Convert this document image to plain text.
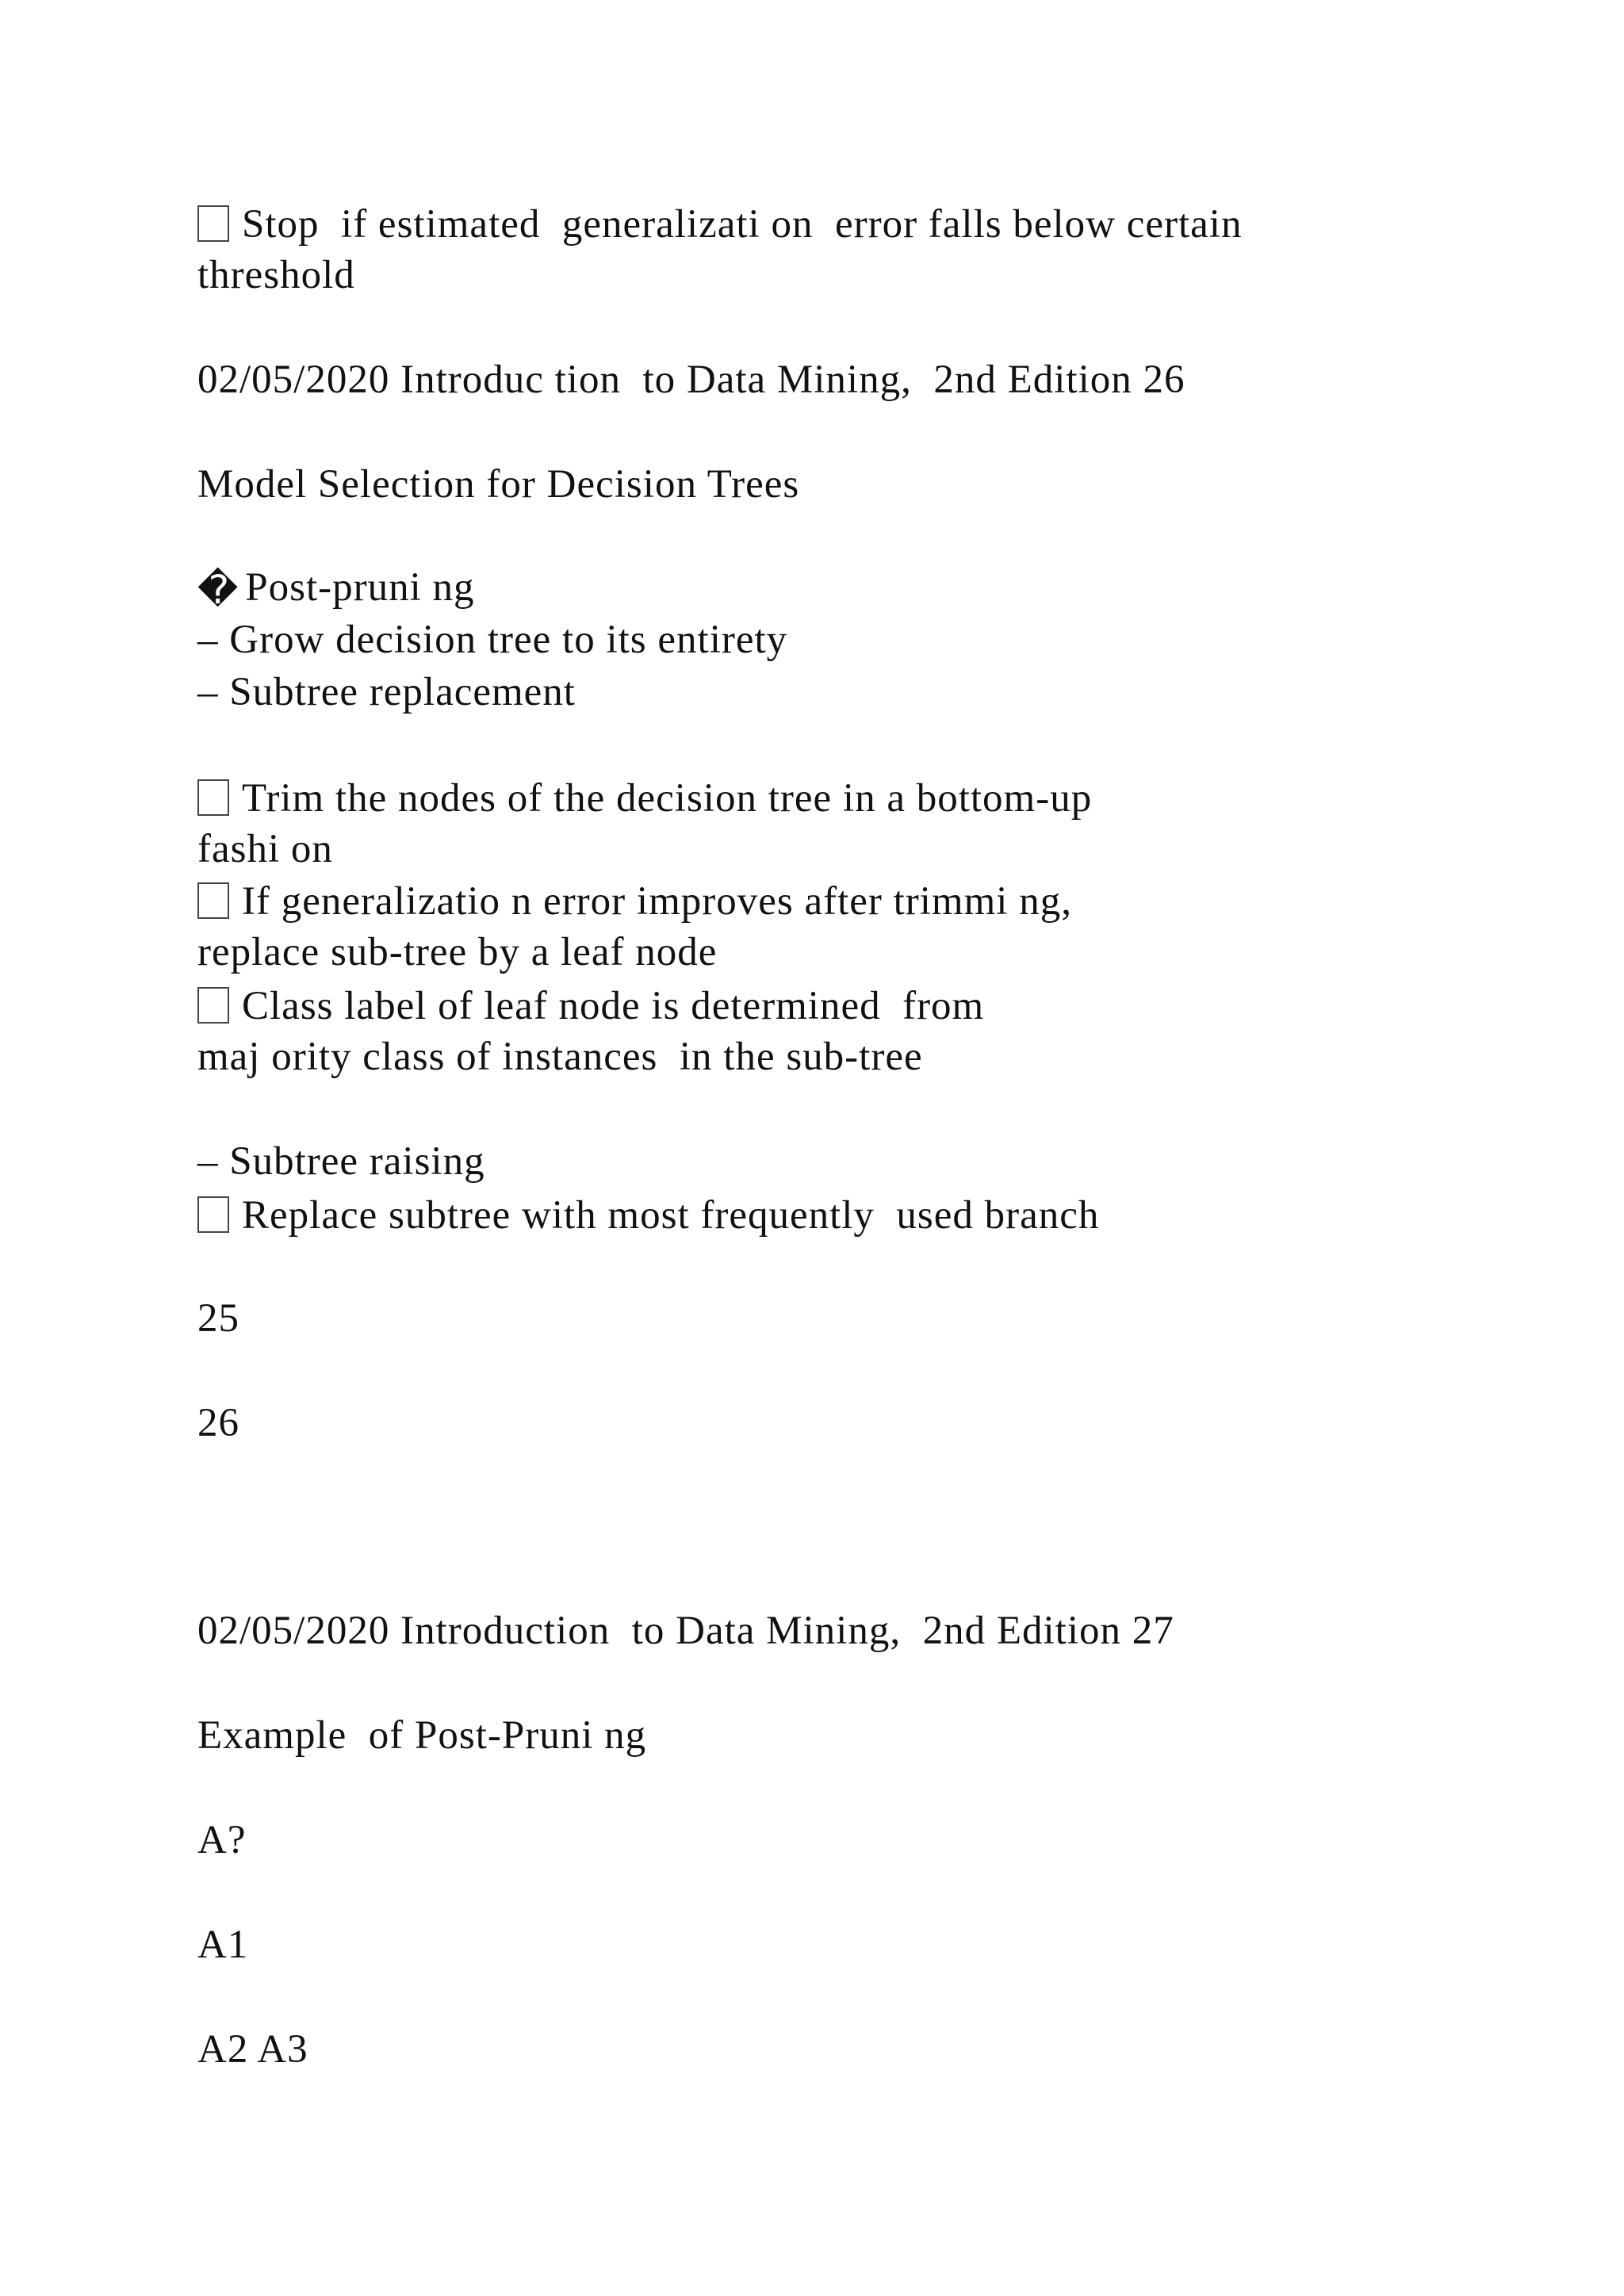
Stop  if estimated  generalizati on  error falls below certain

threshold

02/05/2020 Introduc tion  to Data Mining,  2nd Edition 26

Model Selection for Decision Trees

� Post-pruni ng

– Grow decision tree to its entirety

– Subtree replacement

Trim the nodes of the decision tree in a bottom-up

fashi on

If generalizatio n error improves after trimmi ng,

replace sub-tree by a leaf node

Class label of leaf node is determined  from

maj ority class of instances  in the sub-tree

– Subtree raising

Replace subtree with most frequently  used branch

25

26

02/05/2020 Introduction  to Data Mining,  2nd Edition 27

Example  of Post-Pruni ng

A?

A1

A2 A3
